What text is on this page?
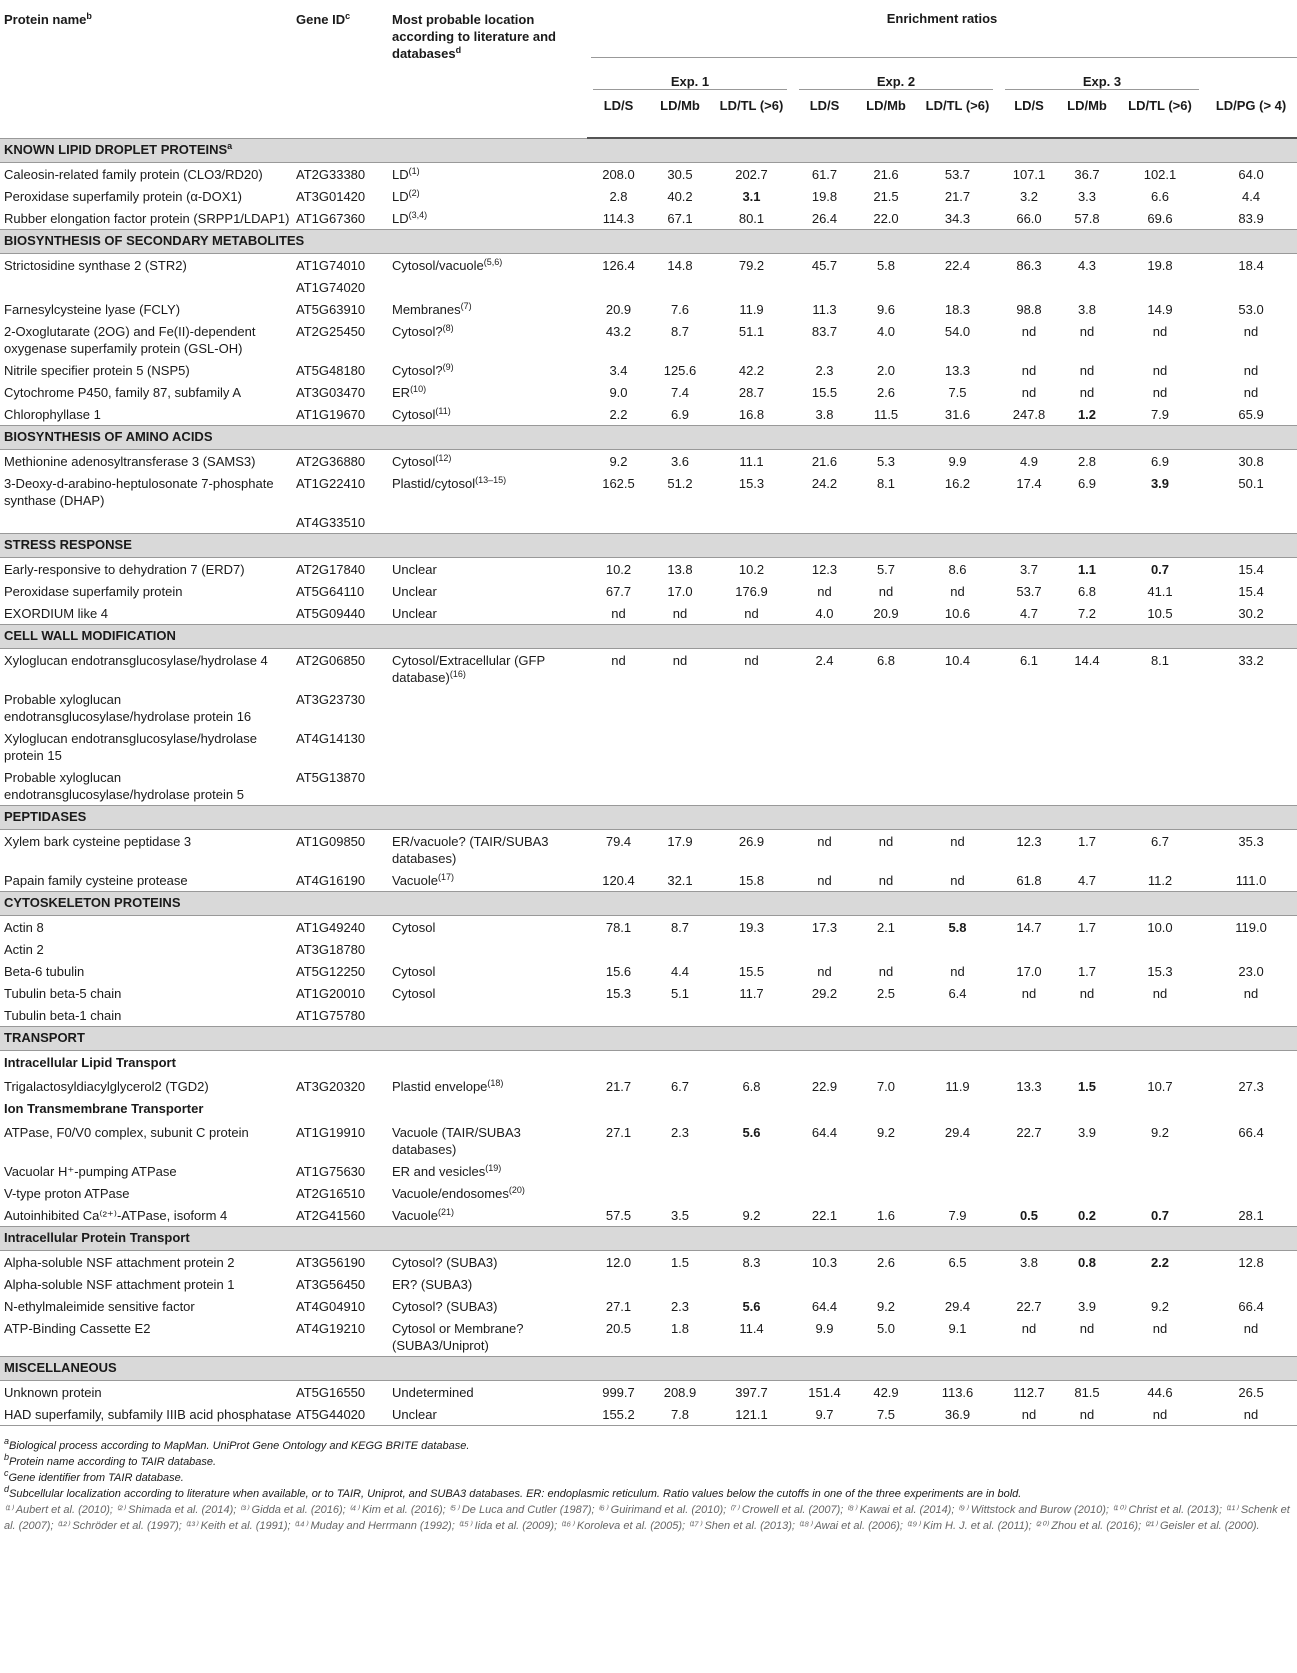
Protein name$^b$	Gene $ID^c$	Most probable location according to literature and databases$^d$	Enrichment ratios									
			Exp. 1			Exp. 2			Exp. 3			
			LD/S	LD/Mb	LD/TL (>6)	LD/S	LD/Mb	LD/TL (>6)	LD/S	LD/Mb	LD/TL (>6)	LD/PG (> 4)
KNOWN LIPID DROPLET PROTEINS$^a$
Caleosin-related family protein (CLO3/RD20)	AT2G33380	LD$^{(1)}$	208.0	30.5	202.7	61.7	21.6	53.7	107.1	36.7	102.1	64.0
Peroxidase superfamily protein (α-DOX1)	AT3G01420	LD$^{(2)}$	2.8	40.2	3.1	19.8	21.5	21.7	3.2	3.3	6.6	4.4
Rubber elongation factor protein (SRPP1/LDAP1)	AT1G67360	LD$^{(3,4)}$	114.3	67.1	80.1	26.4	22.0	34.3	66.0	57.8	69.6	83.9
BIOSYNTHESIS OF SECONDARY METABOLITES												
Strictosidine synthase 2 (STR2)	AT1G74010	Cytosol/vacuole$^{(5,6)}$	126.4	14.8	79.2	45.7	5.8	22.4	86.3	4.3	19.8	18.4
	AT1G74020											
Farnesylcysteine lyase (FCLY)	AT5G63910	Membranes$^{(7)}$	20.9	7.6	11.9	11.3	9.6	18.3	98.8	3.8	14.9	53.0
2-Oxoglutarate (2OG) and Fe(II)-dependent oxygenase superfamily protein (GSL-OH)	AT2G25450	Cytosol?$^{(8)}$	43.2	8.7	51.1	83.7	4.0	54.0	nd	nd	nd	nd
Nitrile specifier protein 5 (NSP5)	AT5G48180	Cytosol?$^{(9)}$	3.4	125.6	42.2	2.3	2.0	13.3	nd	nd	nd	nd
Cytochrome P450, family 87, subfamily A	AT3G03470	ER$^{(10)}$	9.0	7.4	28.7	15.5	2.6	7.5	nd	nd	nd	nd
Chlorophyllase 1	AT1G19670	Cytosol$^{(11)}$	2.2	6.9	16.8	3.8	11.5	31.6	247.8	1.2	7.9	65.9
BIOSYNTHESIS OF AMINO ACIDS												
Methionine adenosyltransferase 3 (SAMS3)	AT2G36880	Cytosol$^{(12)}$	9.2	3.6	11.1	21.6	5.3	9.9	4.9	2.8	6.9	30.8
3-Deoxy-d-arabino-heptulosonate 7-phosphate synthase (DHAP)	AT1G22410	Plastid/cytosol$^{(13-15)}$	162.5	51.2	15.3	24.2	8.1	16.2	17.4	6.9	3.9	50.1
	AT4G33510											
STRESS RESPONSE												
Early-responsive to dehydration 7 (ERD7)	AT2G17840	Unclear	10.2	13.8	10.2	12.3	5.7	8.6	3.7	1.1	0.7	15.4
Peroxidase superfamily protein	AT5G64110	Unclear	67.7	17.0	176.9	nd	nd	nd	53.7	6.8	41.1	15.4
EXORDIUM like 4	AT5G09440	Unclear	nd	nd	nd	4.0	20.9	10.6	4.7	7.2	10.5	30.2
CELL WALL MODIFICATION												
Xyloglucan endotransglucosylase/hydrolase 4	AT2G06850	Cytosol/Extracellular (GFP database)$^{(16)}$	nd	nd	nd	2.4	6.8	10.4	6.1	14.4	8.1	33.2
Probable xyloglucan endotransglucosylase/hydrolase protein 16	AT3G23730											
Xyloglucan endotransglucosylase/hydrolase protein 15	AT4G14130											
Probable xyloglucan endotransglucosylase/hydrolase protein 5	AT5G13870											
PEPTIDASES												
Xylem bark cysteine peptidase 3	AT1G09850	ER/vacuole? (TAIR/SUBA3 databases)	79.4	17.9	26.9	nd	nd	nd	12.3	1.7	6.7	35.3
Papain family cysteine protease	AT4G16190	Vacuole$^{(17)}$	120.4	32.1	15.8	nd	nd	nd	61.8	4.7	11.2	111.0
CYTOSKELETON PROTEINS												
Actin 8	AT1G49240	Cytosol	78.1	8.7	19.3	17.3	2.1	5.8	14.7	1.7	10.0	119.0
Actin 2	AT3G18780											
Beta-6 tubulin	AT5G12250	Cytosol	15.6	4.4	15.5	nd	nd	nd	17.0	1.7	15.3	23.0
Tubulin beta-5 chain	AT1G20010	Cytosol	15.3	5.1	11.7	29.2	2.5	6.4	nd	nd	nd	nd
Tubulin beta-1 chain	AT1G75780											
TRANSPORT												
Intracellular Lipid Transport												
Trigalactosyldiacylglycerol2 (TGD2)	AT3G20320	Plastid envelope$^{(18)}$	21.7	6.7	6.8	22.9	7.0	11.9	13.3	1.5	10.7	27.3
Ion Transmembrane Transporter												
ATPase, F0/V0 complex, subunit C protein	AT1G19910	Vacuole (TAIR/SUBA3 databases)	27.1	2.3	5.6	64.4	9.2	29.4	22.7	3.9	9.2	66.4
Vacuolar H⁺-pumping ATPase	AT1G75630	ER and vesicles$^{(19)}$										
V-type proton ATPase	AT2G16510	Vacuole/endosomes$^{(20)}$										
Autoinhibited Ca⁽²⁺⁾-ATPase, isoform 4	AT2G41560	Vacuole$^{(21)}$	57.5	3.5	9.2	22.1	1.6	7.9	0.5	0.2	0.7	28.1
Intracellular Protein Transport												
Alpha-soluble NSF attachment protein 2	AT3G56190	Cytosol? (SUBA3)	12.0	1.5	8.3	10.3	2.6	6.5	3.8	0.8	2.2	12.8
Alpha-soluble NSF attachment protein 1	AT3G56450	ER? (SUBA3)										
N-ethylmaleimide sensitive factor	AT4G04910	Cytosol? (SUBA3)	27.1	2.3	5.6	64.4	9.2	29.4	22.7	3.9	9.2	66.4
ATP-Binding Cassette E2	AT4G19210	Cytosol or Membrane? (SUBA3/Uniprot)	20.5	1.8	11.4	9.9	5.0	9.1	nd	nd	nd	nd
MISCELLANEOUS												
Unknown protein	AT5G16550	Undetermined	999.7	208.9	397.7	151.4	42.9	113.6	112.7	81.5	44.6	26.5
HAD superfamily, subfamily IIIB acid phosphatase	AT5G44020	Unclear	155.2	7.8	121.1	9.7	7.5	36.9	nd	nd	nd	nd

$^a$Biological process according to MapMan. UniProt Gene Ontology and KEGG BRITE database.
$^b$Protein name according to TAIR database.
$^c$Gene identifier from TAIR database.
$^d$Subcellular localization according to literature when available, or to TAIR, Uniprot, and SUBA3 databases. ER: endoplasmic reticulum. Ratio values below the cutoffs in one of the three experiments are in bold.
⁽¹⁾ Aubert et al. (2010); ⁽²⁾ Shimada et al. (2014); ⁽³⁾ Gidda et al. (2016); ⁽⁴⁾ Kim et al. (2016); ⁽⁵⁾ De Luca and Cutler (1987); ⁽⁶⁾ Guirimand et al. (2010); ⁽⁷⁾ Crowell et al. (2007); ⁽⁸⁾ Kawai et al. (2014); ⁽⁹⁾ Wittstock and Burow (2010); ⁽¹⁰⁾ Christ et al. (2013); ⁽¹¹⁾ Schenk et al. (2007); ⁽¹²⁾ Schröder et al. (1997); ⁽¹³⁾ Keith et al. (1991); ⁽¹⁴⁾ Muday and Herrmann (1992); ⁽¹⁵⁾ Iida et al. (2009); ⁽¹⁶⁾ Koroleva et al. (2005); ⁽¹⁷⁾ Shen et al. (2013); ⁽¹⁸⁾ Awai et al. (2006); ⁽¹⁹⁾ Kim H. J. et al. (2011); ⁽²⁰⁾ Zhou et al. (2016); ⁽²¹⁾ Geisler et al. (2000).
